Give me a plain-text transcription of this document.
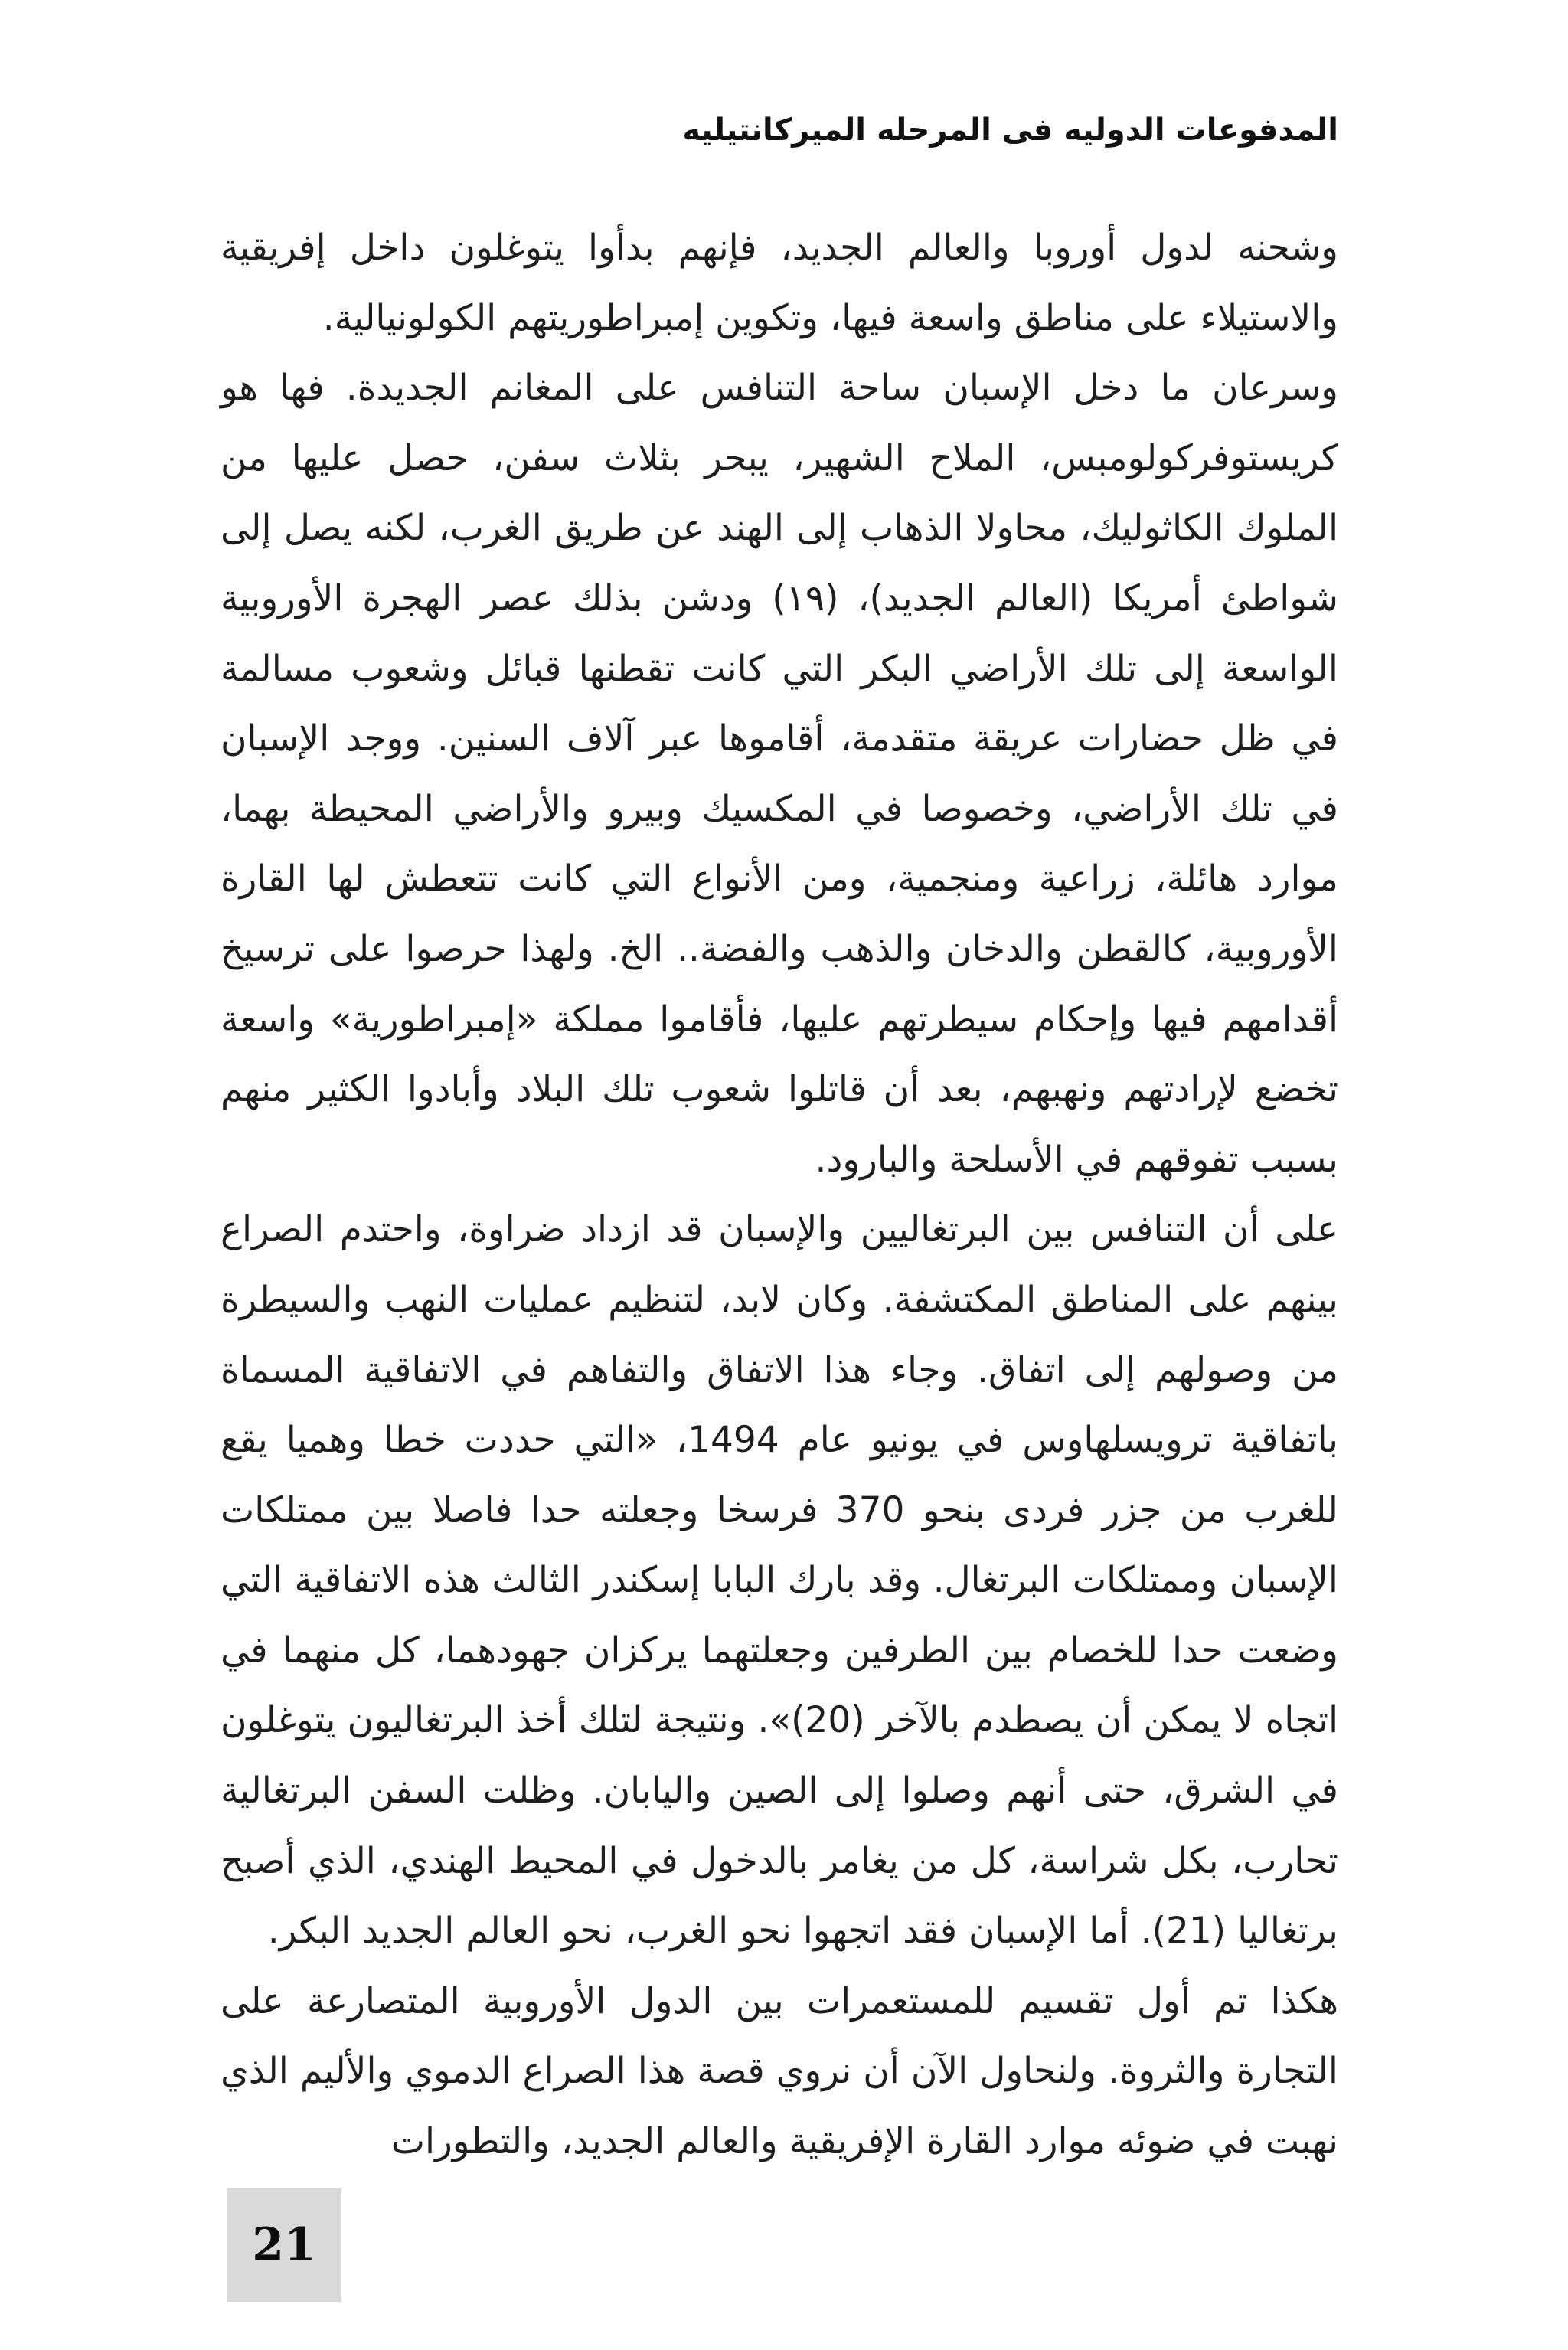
المدفوعات الدوليه فى المرحله الميركانتيليه

وشحنه لدول أوروبا والعالم الجديد، فإنهم بدأوا يتوغلون داخل إفريقية والاستيلاء على مناطق واسعة فيها، وتكوين إمبراطوريتهم الكولونيالية.

وسرعان ما دخل الإسبان ساحة التنافس على المغانم الجديدة. فها هو كريستوفركولومبس، الملاح الشهير، يبحر بثلاث سفن، حصل عليها من الملوك الكاثوليك، محاولا الذهاب إلى الهند عن طريق الغرب، لكنه يصل إلى شواطئ أمريكا (العالم الجديد)، (١٩) ودشن بذلك عصر الهجرة الأوروبية الواسعة إلى تلك الأراضي البكر التي كانت تقطنها قبائل وشعوب مسالمة في ظل حضارات عريقة متقدمة، أقاموها عبر آلاف السنين. ووجد الإسبان في تلك الأراضي، وخصوصا في المكسيك وبيرو والأراضي المحيطة بهما، موارد هائلة، زراعية ومنجمية، ومن الأنواع التي كانت تتعطش لها القارة الأوروبية، كالقطن والدخان والذهب والفضة.. الخ. ولهذا حرصوا على ترسيخ أقدامهم فيها وإحكام سيطرتهم عليها، فأقاموا مملكة «إمبراطورية» واسعة تخضع لإرادتهم ونهبهم، بعد أن قاتلوا شعوب تلك البلاد وأبادوا الكثير منهم بسبب تفوقهم في الأسلحة والبارود.

على أن التنافس بين البرتغاليين والإسبان قد ازداد ضراوة، واحتدم الصراع بينهم على المناطق المكتشفة. وكان لابد، لتنظيم عمليات النهب والسيطرة من وصولهم إلى اتفاق. وجاء هذا الاتفاق والتفاهم في الاتفاقية المسماة باتفاقية ترويسلهاوس في يونيو عام 1494، «التي حددت خطا وهميا يقع للغرب من جزر فردى بنحو 370 فرسخا وجعلته حدا فاصلا بين ممتلكات الإسبان وممتلكات البرتغال. وقد بارك البابا إسكندر الثالث هذه الاتفاقية التي وضعت حدا للخصام بين الطرفين وجعلتهما يركزان جهودهما، كل منهما في اتجاه لا يمكن أن يصطدم بالآخر (20)». ونتيجة لتلك أخذ البرتغاليون يتوغلون في الشرق، حتى أنهم وصلوا إلى الصين واليابان. وظلت السفن البرتغالية تحارب، بكل شراسة، كل من يغامر بالدخول في المحيط الهندي، الذي أصبح برتغاليا (21). أما الإسبان فقد اتجهوا نحو الغرب، نحو العالم الجديد البكر.

هكذا تم أول تقسيم للمستعمرات بين الدول الأوروبية المتصارعة على التجارة والثروة. ولنحاول الآن أن نروي قصة هذا الصراع الدموي والأليم الذي نهبت في ضوئه موارد القارة الإفريقية والعالم الجديد، والتطورات

21
